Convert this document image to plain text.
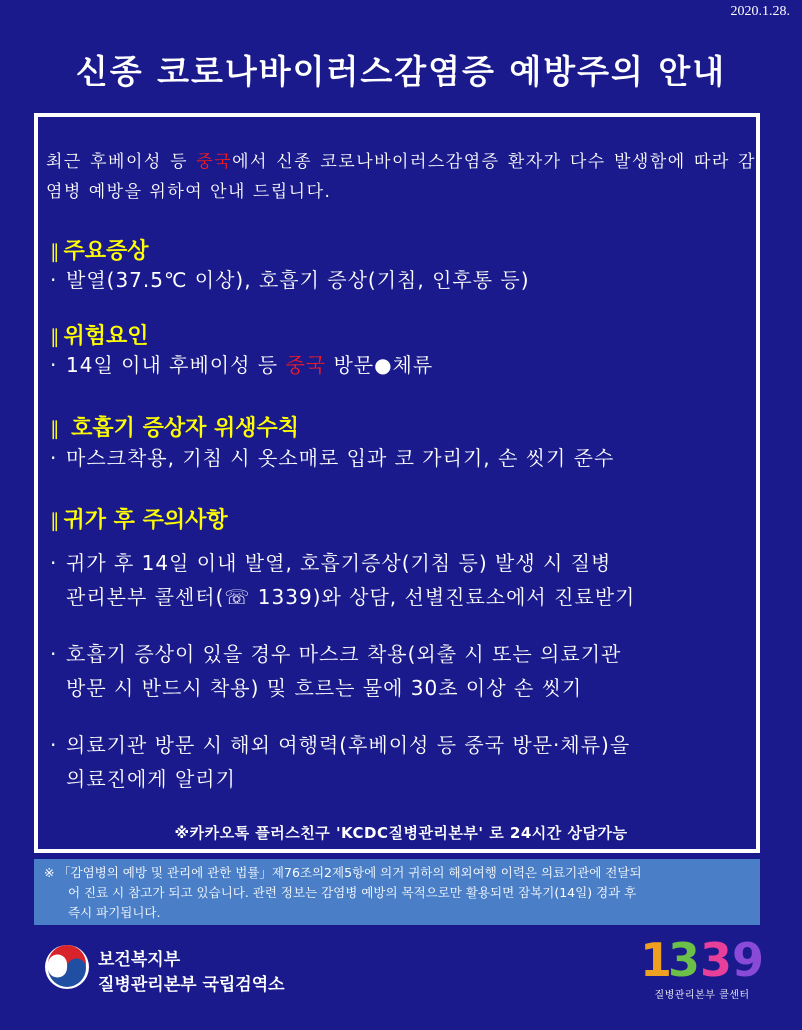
2020.1.28.
신종 코로나바이러스감염증 예방주의 안내
최근 후베이성 등 중국에서 신종 코로나바이러스감염증 환자가 다수 발생함에 따라 감염병 예방을 위하여 안내 드립니다.
∥ 주요증상
· 발열(37.5℃ 이상), 호흡기 증상(기침, 인후통 등)
∥ 위험요인
· 14일 이내 후베이성 등 중국 방문●체류
∥ 호흡기 증상자 위생수칙
· 마스크착용, 기침 시 옷소매로 입과 코 가리기, 손 씻기 준수
∥ 귀가 후 주의사항
· 귀가 후 14일 이내 발열, 호흡기증상(기침 등) 발생 시 질병
관리본부 콜센터(☏ 1339)와 상담, 선별진료소에서 진료받기
· 호흡기 증상이 있을 경우 마스크 착용(외출 시 또는 의료기관
방문 시 반드시 착용) 및 흐르는 물에 30초 이상 손 씻기
· 의료기관 방문 시 해외 여행력(후베이성 등 중국 방문·체류)을
의료진에게 알리기
※카카오톡 플러스친구 'KCDC질병관리본부' 로 24시간 상담가능
※ 「감염병의 예방 및 관리에 관한 법률」제76조의2제5항에 의거 귀하의 해외여행 이력은 의료기관에 전달되
어 진료 시 참고가 되고 있습니다. 관련 정보는 감염병 예방의 목적으로만 활용되면 잠복기(14일) 경과 후
즉시 파기됩니다.
보건복지부
질병관리본부 국립검역소	1
3 3 9
질병관리본부 콜센터
